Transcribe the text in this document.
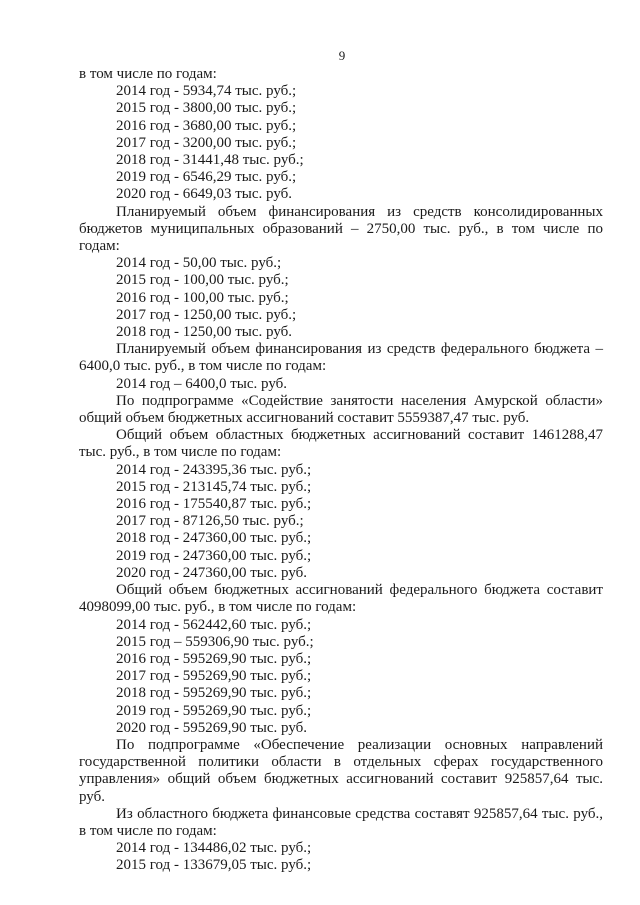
9

в том числе по годам:

2014 год - 5934,74 тыс. руб.;

2015 год - 3800,00 тыс. руб.;

2016 год - 3680,00 тыс. руб.;

2017 год - 3200,00 тыс. руб.;

2018 год - 31441,48 тыс. руб.;

2019 год - 6546,29 тыс. руб.;

2020 год - 6649,03 тыс. руб.

Планируемый объем финансирования из средств консолидированных бюджетов муниципальных образований – 2750,00 тыс. руб., в том числе по годам:

2014 год - 50,00 тыс. руб.;

2015 год - 100,00 тыс. руб.;

2016 год - 100,00 тыс. руб.;

2017 год - 1250,00 тыс. руб.;

2018 год - 1250,00 тыс. руб.

Планируемый объем финансирования из средств федерального бюджета – 6400,0 тыс. руб., в том числе по годам:

2014 год – 6400,0 тыс. руб.

По подпрограмме «Содействие занятости населения Амурской области» общий объем бюджетных ассигнований составит 5559387,47 тыс. руб.

Общий объем областных бюджетных ассигнований составит 1461288,47 тыс. руб., в том числе по годам:

2014 год - 243395,36 тыс. руб.;

2015 год - 213145,74 тыс. руб.;

2016 год - 175540,87 тыс. руб.;

2017 год - 87126,50 тыс. руб.;

2018 год - 247360,00 тыс. руб.;

2019 год - 247360,00 тыс. руб.;

2020 год - 247360,00 тыс. руб.

Общий объем бюджетных ассигнований федерального бюджета составит 4098099,00 тыс. руб., в том числе по годам:

2014 год - 562442,60 тыс. руб.;

2015 год – 559306,90 тыс. руб.;

2016 год - 595269,90 тыс. руб.;

2017 год - 595269,90 тыс. руб.;

2018 год - 595269,90 тыс. руб.;

2019 год - 595269,90 тыс. руб.;

2020 год - 595269,90 тыс. руб.

По подпрограмме «Обеспечение реализации основных направлений государственной политики области в отдельных сферах государственного управления» общий объем бюджетных ассигнований составит 925857,64 тыс. руб.

Из областного бюджета финансовые средства составят 925857,64 тыс. руб., в том числе по годам:

2014 год - 134486,02 тыс. руб.;

2015 год - 133679,05 тыс. руб.;
